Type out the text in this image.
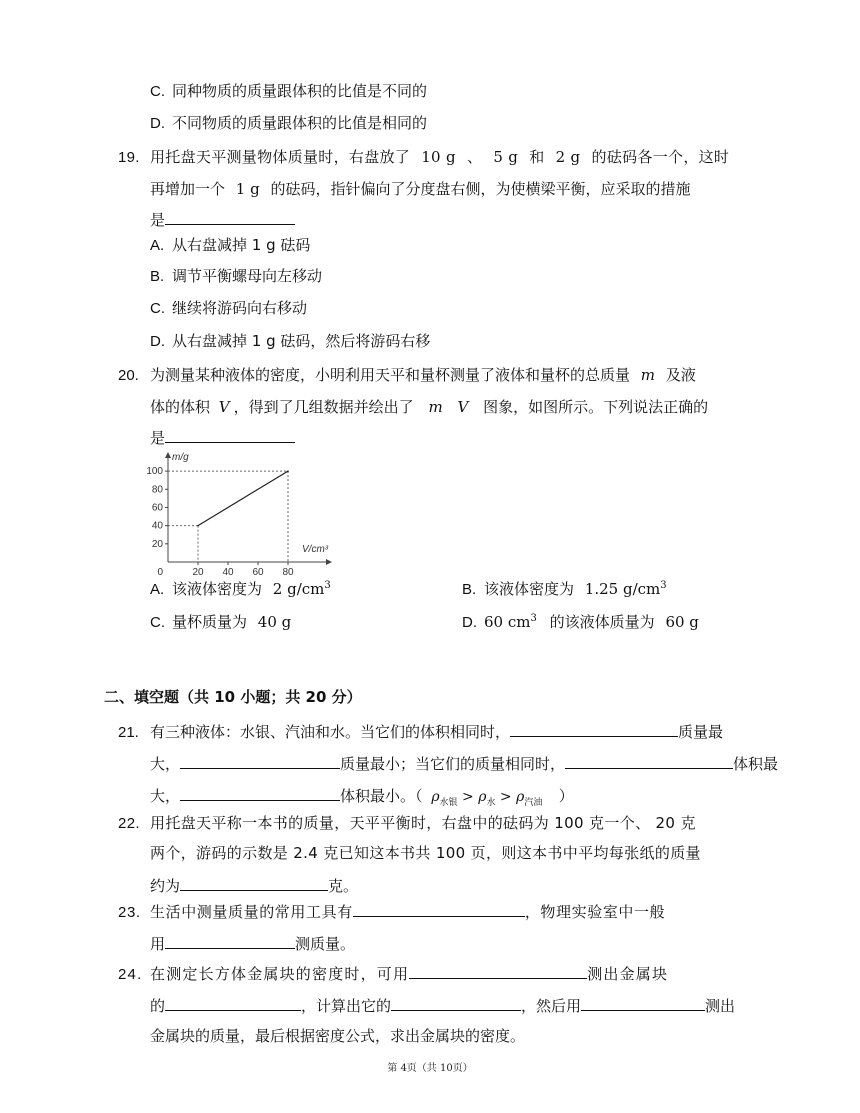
C. 同种物质的质量跟体积的比值是不同的
D. 不同物质的质量跟体积的比值是相同的
19. 用托盘天平测量物体质量时，右盘放了 10 g 、 5 g 和 2 g 的砝码各一个，这时
再增加一个 1 g 的砝码，指针偏向了分度盘右侧，为使横梁平衡，应采取的措施
是
A. 从右盘减掉 1 g 砝码
B. 调节平衡螺母向左移动
C. 继续将游码向右移动
D. 从右盘减掉 1 g 砝码，然后将游码右移
20. 为测量某种液体的密度，小明利用天平和量杯测量了液体和量杯的总质量 m 及液
体的体积 V ，得到了几组数据并绘出了 m V 图象，如图所示。下列说法正确的
是
20 40 60 80
20
40
60
80
100
0
m/g
V/cm³
A. 该液体密度为 2 $g/cm^3$	B. 该液体密度为 1.25 $g/cm^3$
C. 量杯质量为 40 g	D. 60 $cm^3$ 的该液体质量为 60 g
二、填空题（共 10 小题；共 20 分）
21. 有三种液体：水银、汽油和水。当它们的体积相同时，	质量最
大，	质量最小；当它们的质量相同时，	体积最
大，	体积最小。（ $\rho_{水银} > \rho_水 > \rho_{汽油}$ ）
22. 用托盘天平称一本书的质量，天平平衡时，右盘中的砝码为 100 克一个、 20 克
两个，游码的示数是 2.4 克已知这本书共 100 页，则这本书中平均每张纸的质量
约为	克。
23. 生活中测量质量的常用工具有	，物理实验室中一般
用	测质量。
24. 在测定长方体金属块的密度时，可用	测出金属块
的	，计算出它的	，然后用	测出
金属块的质量，最后根据密度公式，求出金属块的密度。
第 4页（共 10页）
